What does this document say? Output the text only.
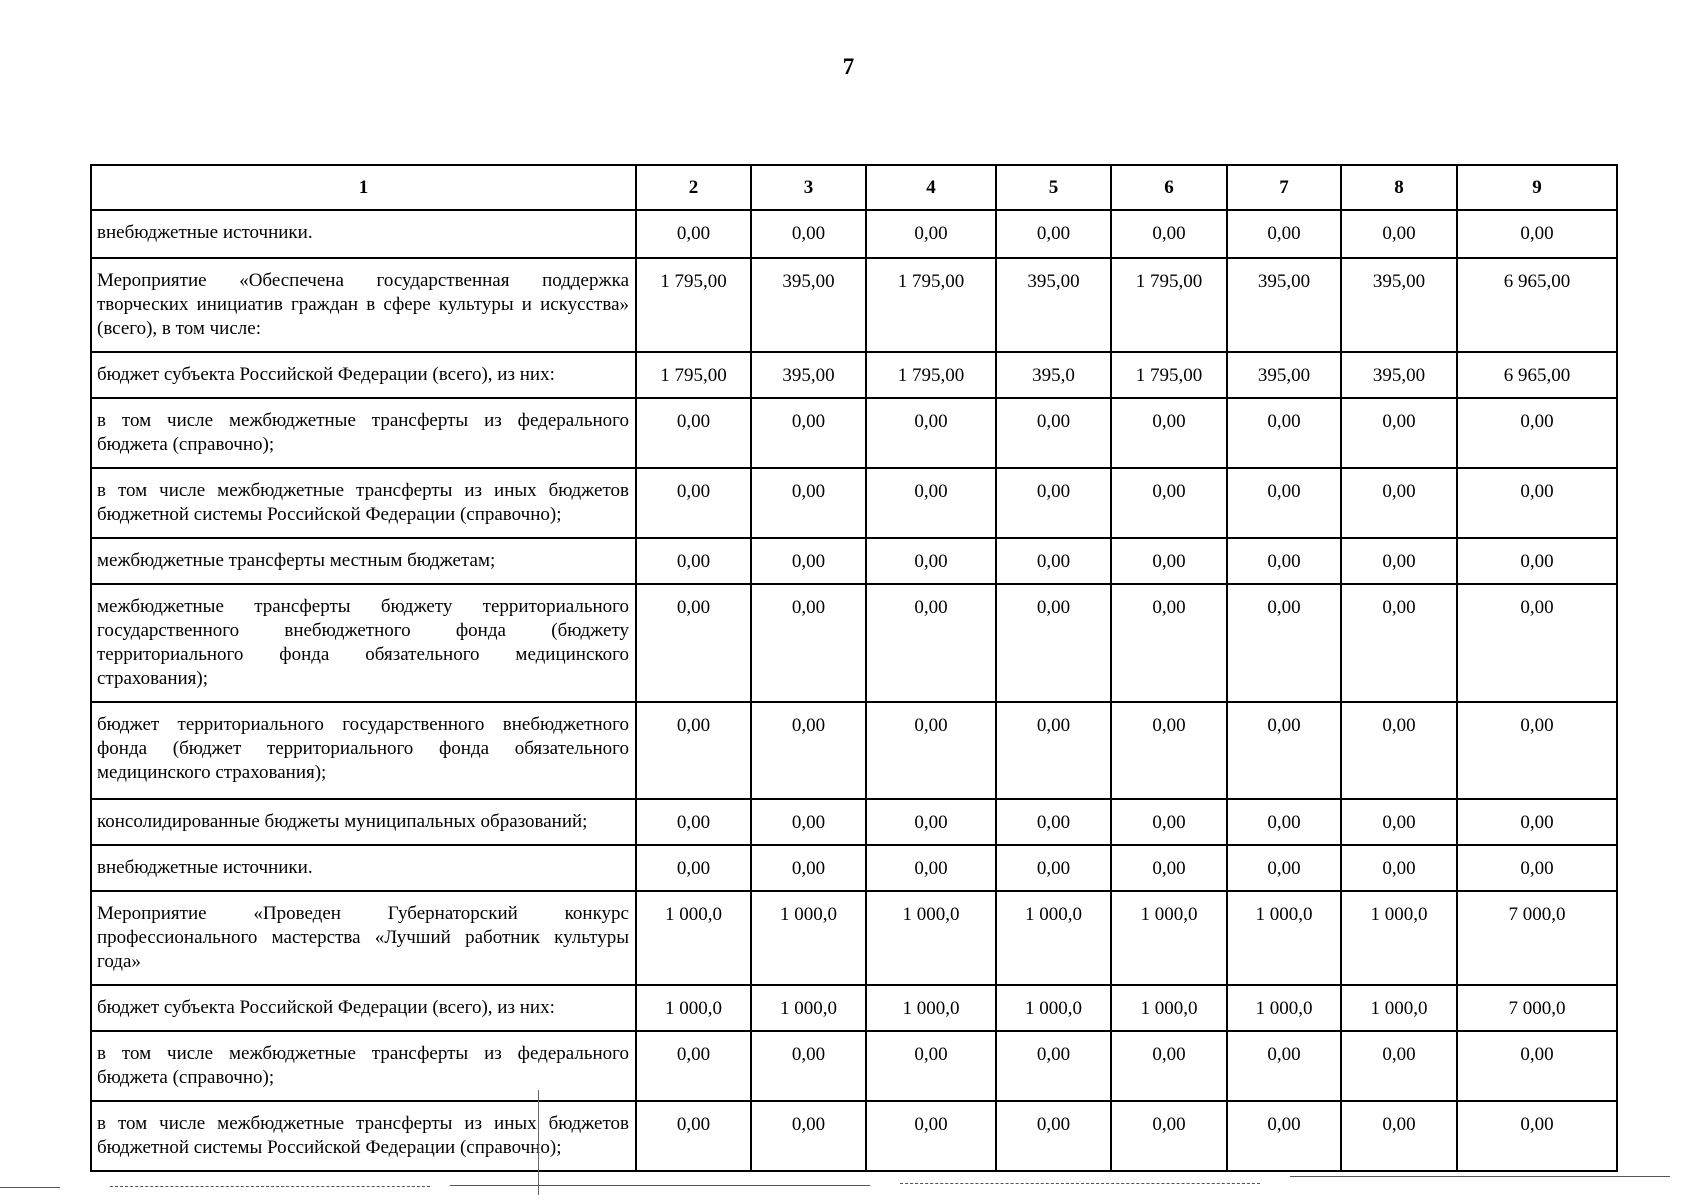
7
1	2	3	4	5	6	7	8	9
внебюджетные источники.	0,00	0,00	0,00	0,00	0,00	0,00	0,00	0,00
Мероприятие «Обеспечена государственная поддержка творческих инициатив граждан в сфере культуры и искусства» (всего), в том числе:	1 795,00	395,00	1 795,00	395,00	1 795,00	395,00	395,00	6 965,00
бюджет субъекта Российской Федерации (всего), из них:	1 795,00	395,00	1 795,00	395,0	1 795,00	395,00	395,00	6 965,00
в том числе межбюджетные трансферты из федерального бюджета (справочно);	0,00	0,00	0,00	0,00	0,00	0,00	0,00	0,00
в том числе межбюджетные трансферты из иных бюджетов бюджетной системы Российской Федерации (справочно);	0,00	0,00	0,00	0,00	0,00	0,00	0,00	0,00
межбюджетные трансферты местным бюджетам;	0,00	0,00	0,00	0,00	0,00	0,00	0,00	0,00
межбюджетные трансферты бюджету территориального государственного внебюджетного фонда (бюджету территориального фонда обязательного медицинского страхования);	0,00	0,00	0,00	0,00	0,00	0,00	0,00	0,00
бюджет территориального государственного внебюджетного фонда (бюджет территориального фонда обязательного медицинского страхования);	0,00	0,00	0,00	0,00	0,00	0,00	0,00	0,00
консолидированные бюджеты муниципальных образований;	0,00	0,00	0,00	0,00	0,00	0,00	0,00	0,00
внебюджетные источники.	0,00	0,00	0,00	0,00	0,00	0,00	0,00	0,00
Мероприятие «Проведен Губернаторский конкурс профессионального мастерства «Лучший работник культуры года»	1 000,0	1 000,0	1 000,0	1 000,0	1 000,0	1 000,0	1 000,0	7 000,0
бюджет субъекта Российской Федерации (всего), из них:	1 000,0	1 000,0	1 000,0	1 000,0	1 000,0	1 000,0	1 000,0	7 000,0
в том числе межбюджетные трансферты из федерального бюджета (справочно);	0,00	0,00	0,00	0,00	0,00	0,00	0,00	0,00
в том числе межбюджетные трансферты из иных бюджетов бюджетной системы Российской Федерации (справочно);	0,00	0,00	0,00	0,00	0,00	0,00	0,00	0,00
